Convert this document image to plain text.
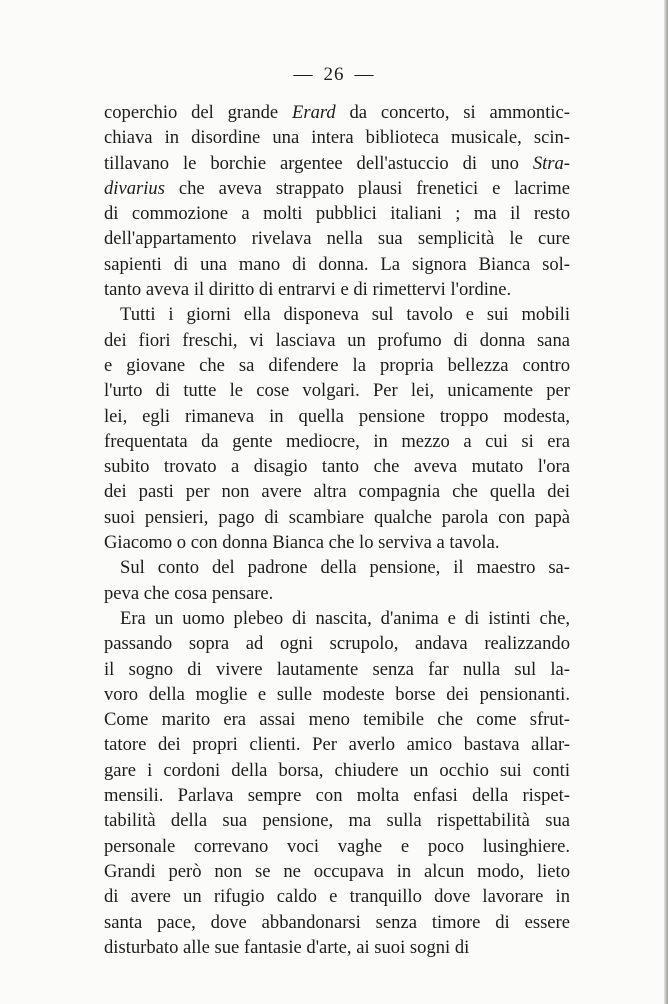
— 26 —
coperchio del grande Erard da concerto, si ammontic-
chiava in disordine una intera biblioteca musicale, scin-
tillavano le borchie argentee dell'astuccio di uno Stra-
divarius che aveva strappato plausi frenetici e lacrime
di commozione a molti pubblici italiani ; ma il resto
dell'appartamento rivelava nella sua semplicità le cure
sapienti di una mano di donna. La signora Bianca sol-
tanto aveva il diritto di entrarvi e di rimettervi l'ordine.
Tutti i giorni ella disponeva sul tavolo e sui mobili
dei fiori freschi, vi lasciava un profumo di donna sana
e giovane che sa difendere la propria bellezza contro
l'urto di tutte le cose volgari. Per lei, unicamente per
lei, egli rimaneva in quella pensione troppo modesta,
frequentata da gente mediocre, in mezzo a cui si era
subito trovato a disagio tanto che aveva mutato l'ora
dei pasti per non avere altra compagnia che quella dei
suoi pensieri, pago di scambiare qualche parola con papà
Giacomo o con donna Bianca che lo serviva a tavola.
Sul conto del padrone della pensione, il maestro sa-
peva che cosa pensare.
Era un uomo plebeo di nascita, d'anima e di istinti che,
passando sopra ad ogni scrupolo, andava realizzando
il sogno di vivere lautamente senza far nulla sul la-
voro della moglie e sulle modeste borse dei pensionanti.
Come marito era assai meno temibile che come sfrut-
tatore dei propri clienti. Per averlo amico bastava allar-
gare i cordoni della borsa, chiudere un occhio sui conti
mensili. Parlava sempre con molta enfasi della rispet-
tabilità della sua pensione, ma sulla rispettabilità sua
personale correvano voci vaghe e poco lusinghiere.
Grandi però non se ne occupava in alcun modo, lieto
di avere un rifugio caldo e tranquillo dove lavorare in
santa pace, dove abbandonarsi senza timore di essere
disturbato alle sue fantasie d'arte, ai suoi sogni di
